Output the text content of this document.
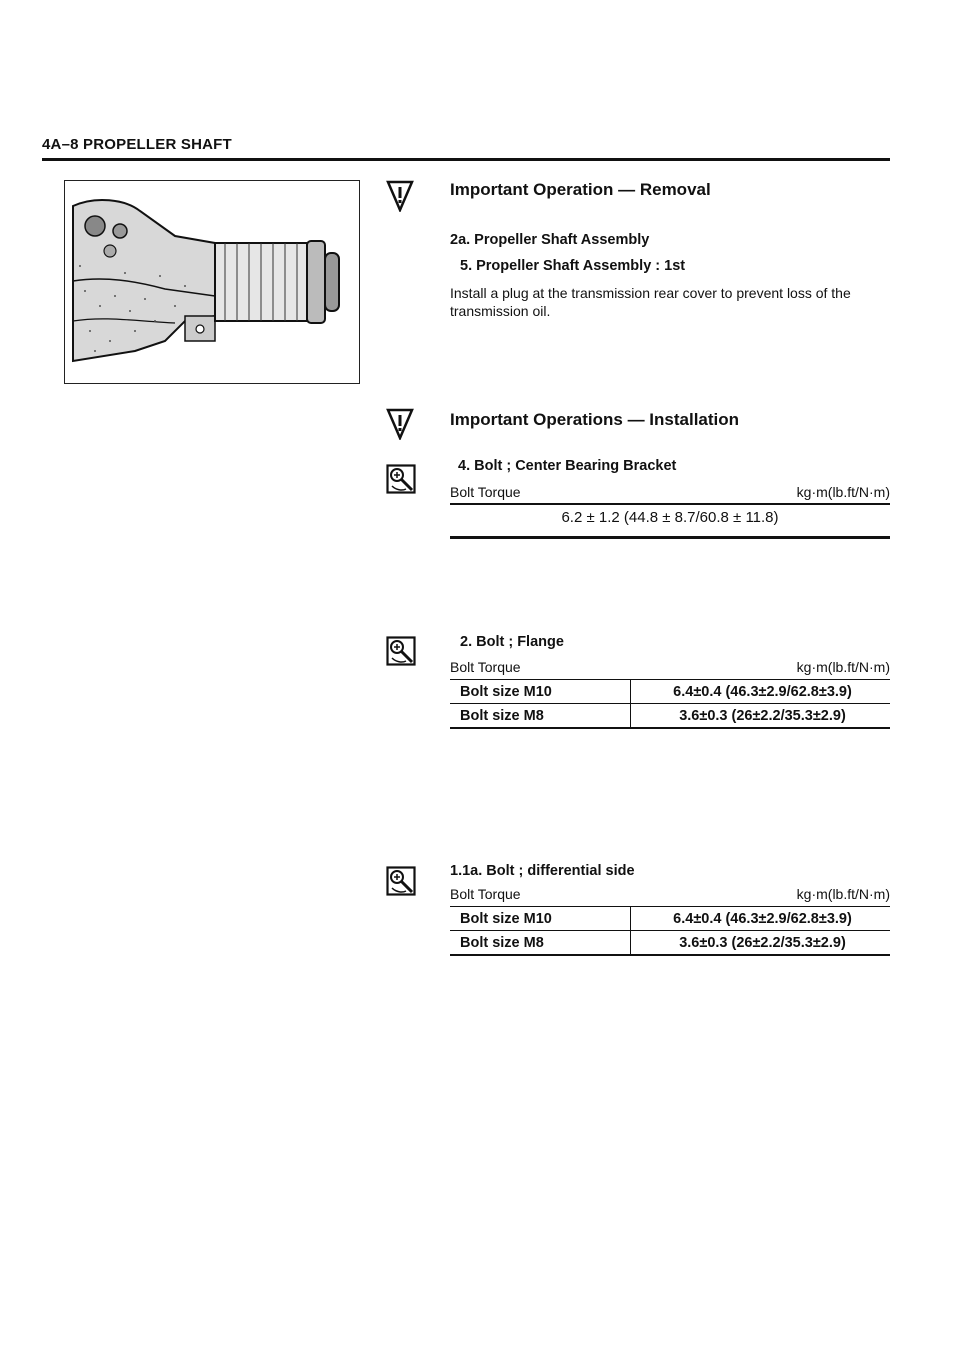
4A–8 PROPELLER SHAFT
Important Operation — Removal
2a. Propeller Shaft Assembly
5. Propeller Shaft Assembly : 1st
Install a plug at the transmission rear cover to prevent loss of the transmission oil.
Important Operations — Installation
4. Bolt ; Center Bearing Bracket
Bolt Torque	kg·m(lb.ft/N·m)
6.2 ± 1.2 (44.8 ± 8.7/60.8 ± 11.8)
2. Bolt ; Flange
Bolt Torque	kg·m(lb.ft/N·m)
Bolt size M10	6.4±0.4 (46.3±2.9/62.8±3.9)
Bolt size M8	3.6±0.3 (26±2.2/35.3±2.9)
1.1a. Bolt ; differential side
Bolt Torque	kg·m(lb.ft/N·m)
Bolt size M10	6.4±0.4 (46.3±2.9/62.8±3.9)
Bolt size M8	3.6±0.3 (26±2.2/35.3±2.9)
